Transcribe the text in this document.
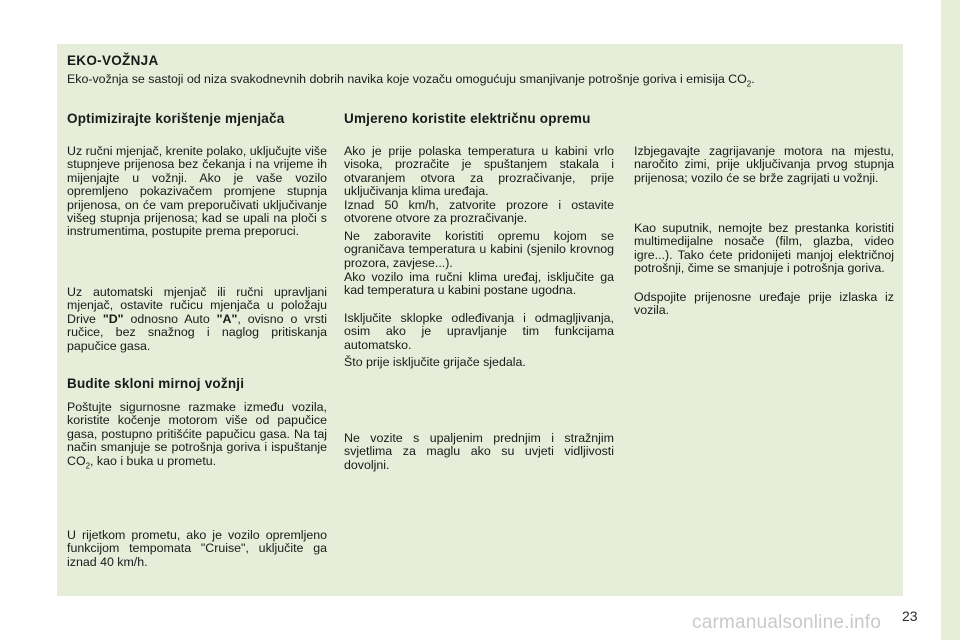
EKO-VOŽNJA
Eko-vožnja se sastoji od niza svakodnevnih dobrih navika koje vozaču omogućuju smanjivanje potrošnje goriva i emisija $CO_2$.
Optimizirajte korištenje mjenjača

Uz ručni mjenjač, krenite polako, uključujte više stupnjeve prijenosa bez čekanja i na vrijeme ih mijenjajte u vožnji. Ako je vaše vozilo opremljeno pokazivačem promjene stupnja prijenosa, on će vam preporučivati uključivanje višeg stupnja prijenosa; kad se upali na ploči s instrumentima, postupite prema preporuci.

Uz automatski mjenjač ili ručni upravljani mjenjač, ostavite ručicu mjenjača u položaju Drive "D" odnosno Auto "A", ovisno o vrsti ručice, bez snažnog i naglog pritiskanja papučice gasa.

Budite skloni mirnoj vožnji

Poštujte sigurnosne razmake između vozila, koristite kočenje motorom više od papučice gasa, postupno pritišćite papučicu gasa. Na taj način smanjuje se potrošnja goriva i ispuštanje $CO_2$, kao i buka u prometu.

U rijetkom prometu, ako je vozilo opremljeno funkcijom tempomata "Cruise", uključite ga iznad 40 km/h.

Umjereno koristite električnu opremu

Ako je prije polaska temperatura u kabini vrlo visoka, prozračite je spuštanjem stakala i otvaranjem otvora za prozračivanje, prije uključivanja klima uređaja.

Iznad 50 km/h, zatvorite prozore i ostavite otvorene otvore za prozračivanje.

Ne zaboravite koristiti opremu kojom se ograničava temperatura u kabini (sjenilo krovnog prozora, zavjese...).

Ako vozilo ima ručni klima uređaj, isključite ga kad temperatura u kabini postane ugodna.

Isključite sklopke odleđivanja i odmagljivanja, osim ako je upravljanje tim funkcijama automatsko.

Što prije isključite grijače sjedala.

Ne vozite s upaljenim prednjim i stražnjim svjetlima za maglu ako su uvjeti vidljivosti dovoljni.

Izbjegavajte zagrijavanje motora na mjestu, naročito zimi, prije uključivanja prvog stupnja prijenosa; vozilo će se brže zagrijati u vožnji.

Kao suputnik, nemojte bez prestanka koristiti multimedijalne nosače (film, glazba, video igre...). Tako ćete pridonijeti manjoj električnoj potrošnji, čime se smanjuje i potrošnja goriva.

Odspojite prijenosne uređaje prije izlaska iz vozila.

carmanualsonline.info 23
